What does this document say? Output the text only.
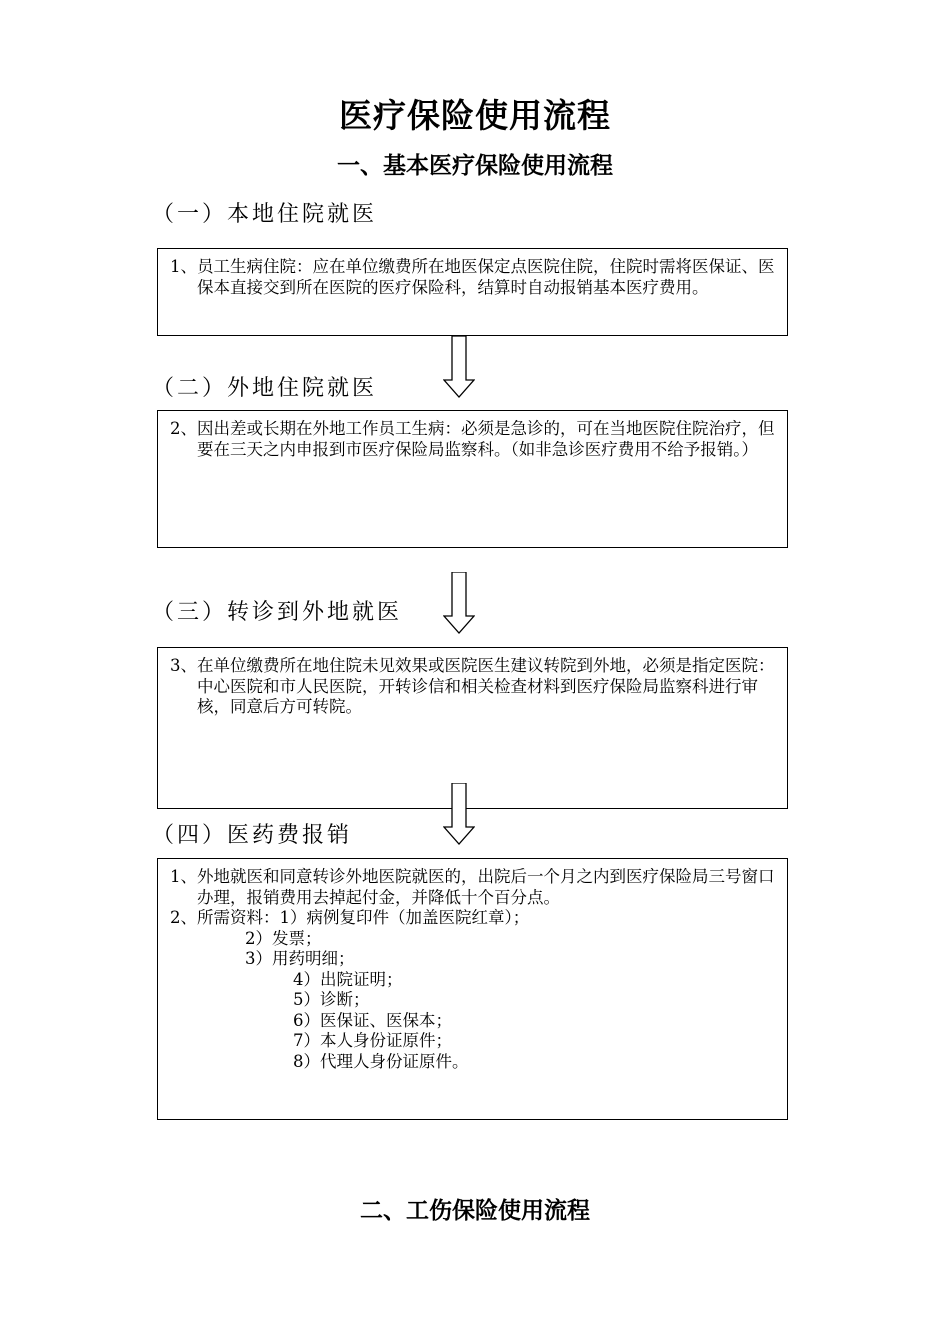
医疗保险使用流程
一、基本医疗保险使用流程
（一）本地住院就医

1、员工生病住院：应在单位缴费所在地医保定点医院住院，住院时需将医保证、医保本直接交到所在医院的医疗保险科，结算时自动报销基本医疗费用。

（二）外地住院就医

2、因出差或长期在外地工作员工生病：必须是急诊的，可在当地医院住院治疗，但要在三天之内申报到市医疗保险局监察科。（如非急诊医疗费用不给予报销。）

（三）转诊到外地就医

3、在单位缴费所在地住院未见效果或医院医生建议转院到外地，必须是指定医院：中心医院和市人民医院，开转诊信和相关检查材料到医疗保险局监察科进行审核，同意后方可转院。

（四）医药费报销

1、外地就医和同意转诊外地医院就医的，出院后一个月之内到医疗保险局三号窗口办理，报销费用去掉起付金，并降低十个百分点。

2、所需资料：1）病例复印件（加盖医院红章）；

2）发票；

3）用药明细；

4）出院证明；

5）诊断；

6）医保证、医保本；

7）本人身份证原件；

8）代理人身份证原件。

二、工伤保险使用流程
